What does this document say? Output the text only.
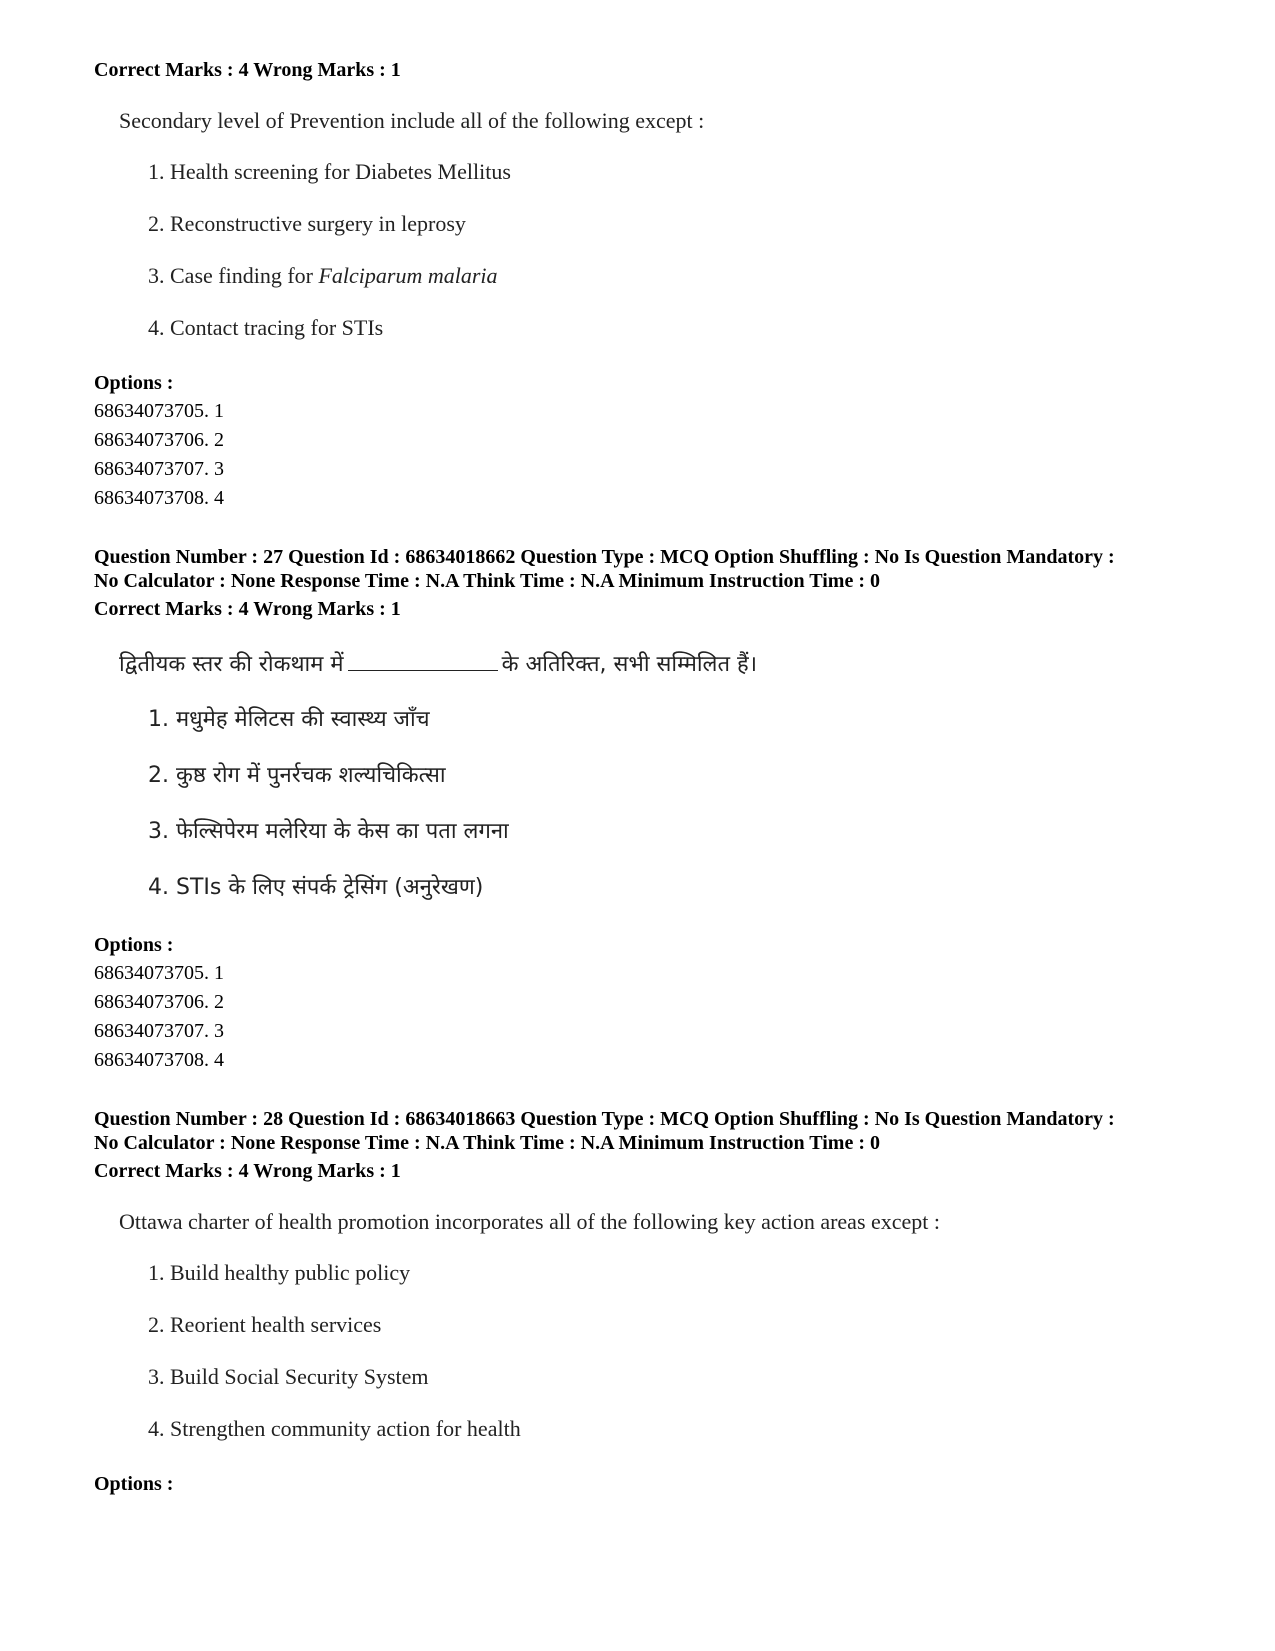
Correct Marks : 4 Wrong Marks : 1

Secondary level of Prevention include all of the following except :
1. Health screening for Diabetes Mellitus
2. Reconstructive surgery in leprosy
3. Case finding for Falciparum malaria
4. Contact tracing for STIs
Options :
68634073705. 1
68634073706. 2
68634073707. 3
68634073708. 4

Question Number : 27 Question Id : 68634018662 Question Type : MCQ Option Shuffling : No Is Question Mandatory :

No Calculator : None Response Time : N.A Think Time : N.A Minimum Instruction Time : 0

Correct Marks : 4 Wrong Marks : 1

द्वितीयक स्तर की रोकथाम में	के अतिरिक्त, सभी सम्मिलित हैं।
1. मधुमेह मेलिटस की स्वास्थ्य जाँच
2. कुष्ठ रोग में पुनर्रचक शल्यचिकित्सा
3. फेल्सिपेरम मलेरिया के केस का पता लगना
4. STIs के लिए संपर्क ट्रेसिंग (अनुरेखण)
Options :
68634073705. 1
68634073706. 2
68634073707. 3
68634073708. 4

Question Number : 28 Question Id : 68634018663 Question Type : MCQ Option Shuffling : No Is Question Mandatory :

No Calculator : None Response Time : N.A Think Time : N.A Minimum Instruction Time : 0

Correct Marks : 4 Wrong Marks : 1

Ottawa charter of health promotion incorporates all of the following key action areas except :
1. Build healthy public policy
2. Reorient health services
3. Build Social Security System
4. Strengthen community action for health
Options :
